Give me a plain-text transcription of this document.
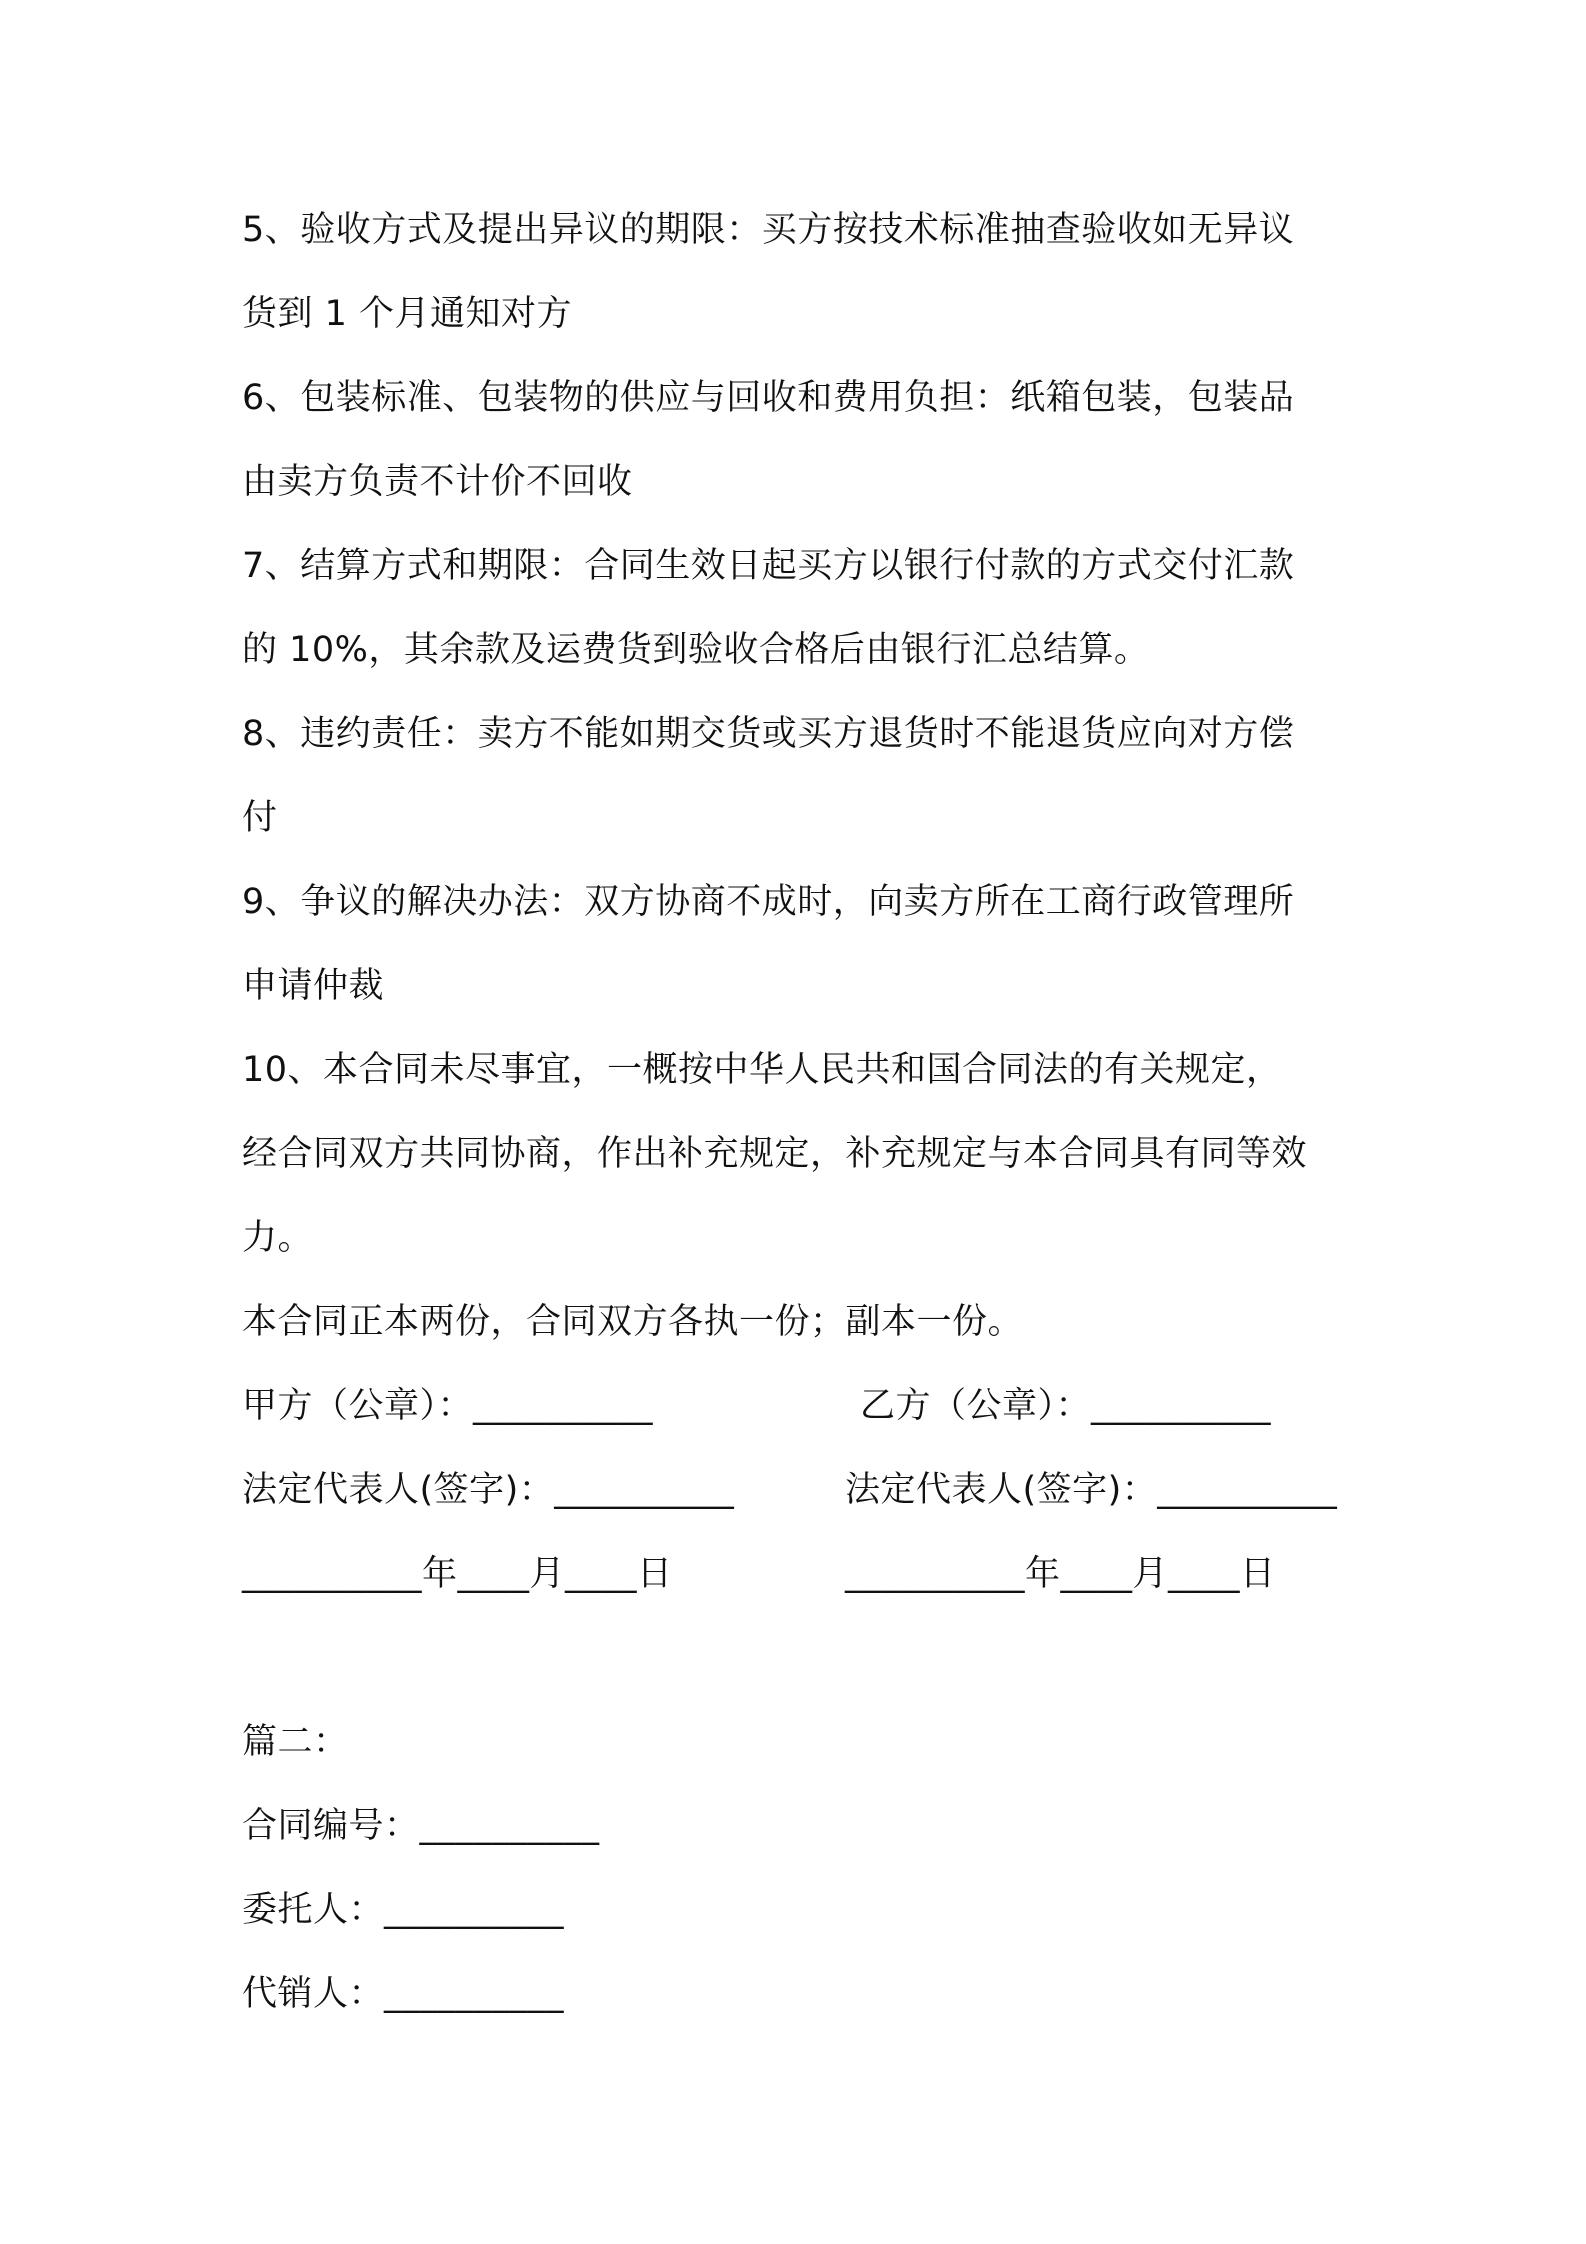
5、验收方式及提出异议的期限：买方按技术标准抽查验收如无异议
货到 1 个月通知对方
6、包装标准、包装物的供应与回收和费用负担：纸箱包装，包装品
由卖方负责不计价不回收
7、结算方式和期限：合同生效日起买方以银行付款的方式交付汇款
的 10%，其余款及运费货到验收合格后由银行汇总结算。
8、违约责任：卖方不能如期交货或买方退货时不能退货应向对方偿
付
9、争议的解决办法：双方协商不成时，向卖方所在工商行政管理所
申请仲裁
10、本合同未尽事宜，一概按中华人民共和国合同法的有关规定，
经合同双方共同协商，作出补充规定，补充规定与本合同具有同等效
力。
本合同正本两份，合同双方各执一份；副本一份。
甲方（公章）：__________	乙方（公章）：__________
法定代表人(签字)：__________	法定代表人(签字)：__________
__________年____月____日	__________年____月____日
篇二：
合同编号：__________
委托人：__________
代销人：__________
